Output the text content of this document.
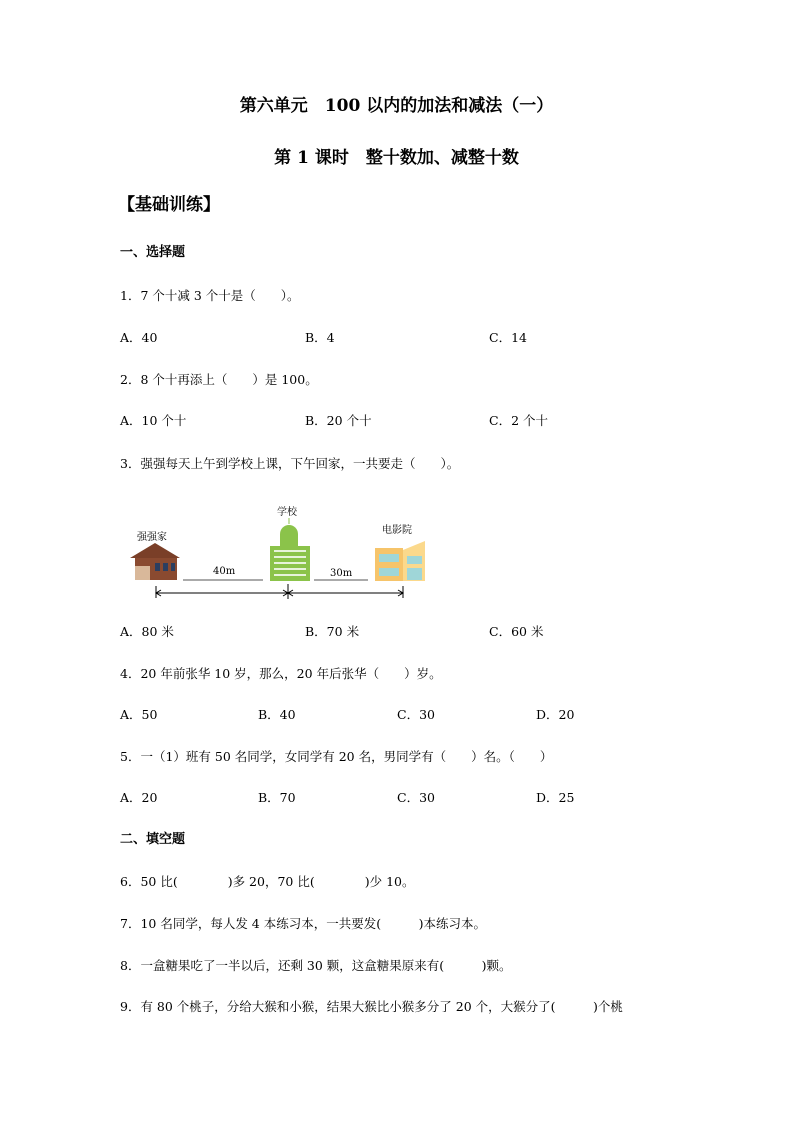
第六单元　100 以内的加法和减法（一）
第 1 课时　整十数加、减整十数
【基础训练】
一、选择题
1．7 个十减 3 个十是（　　）。
A．40	B．4	C．14
2．8 个十再添上（　　）是 100。
A．10 个十	B．20 个十	C．2 个十
3．强强每天上午到学校上课，下午回家，一共要走（　　）。
强强家
学校
电影院
40m	30m
A．80 米	B．70 米	C．60 米
4．20 年前张华 10 岁，那么，20 年后张华（　　）岁。
A．50	B．40	C．30	D．20
5．一（1）班有 50 名同学，女同学有 20 名，男同学有（　　）名。（　　）
A．20	B．70	C．30	D．25
二、填空题
6．50 比(　　　　)多 20，70 比(　　　　)少 10。
7．10 名同学，每人发 4 本练习本，一共要发(　　　)本练习本。
8．一盒糖果吃了一半以后，还剩 30 颗，这盒糖果原来有(　　　)颗。
9．有 80 个桃子，分给大猴和小猴，结果大猴比小猴多分了 20 个，大猴分了(　　　)个桃
